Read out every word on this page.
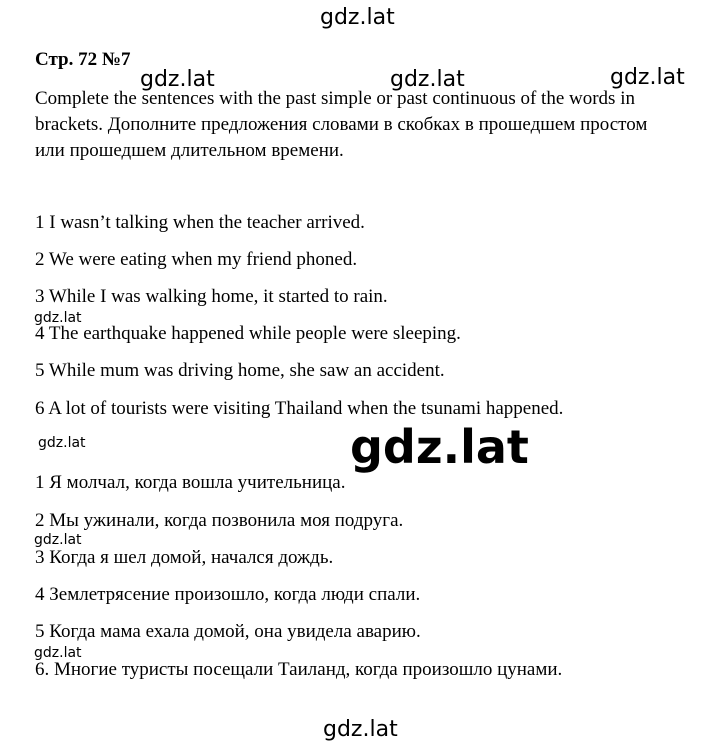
gdz.lat
gdz.lat	gdz.lat	gdz.lat
gdz.lat
gdz.lat	gdz.lat
gdz.lat
gdz.lat
gdz.lat
Стр. 72 №7
Complete the sentences with the past simple or past continuous of the words in
brackets. Дополните предложения словами в скобках в прошедшем простом
или прошедшем длительном времени.
1 I wasn’t talking when the teacher arrived.
2 We were eating when my friend phoned.
3 While I was walking home, it started to rain.
4 The earthquake happened while people were sleeping.
5 While mum was driving home, she saw an accident.
6 A lot of tourists were visiting Thailand when the tsunami happened.
1 Я молчал, когда вошла учительница.
2 Мы ужинали, когда позвонила моя подруга.
3 Когда я шел домой, начался дождь.
4 Землетрясение произошло, когда люди спали.
5 Когда мама ехала домой, она увидела аварию.
6. Многие туристы посещали Таиланд, когда произошло цунами.
